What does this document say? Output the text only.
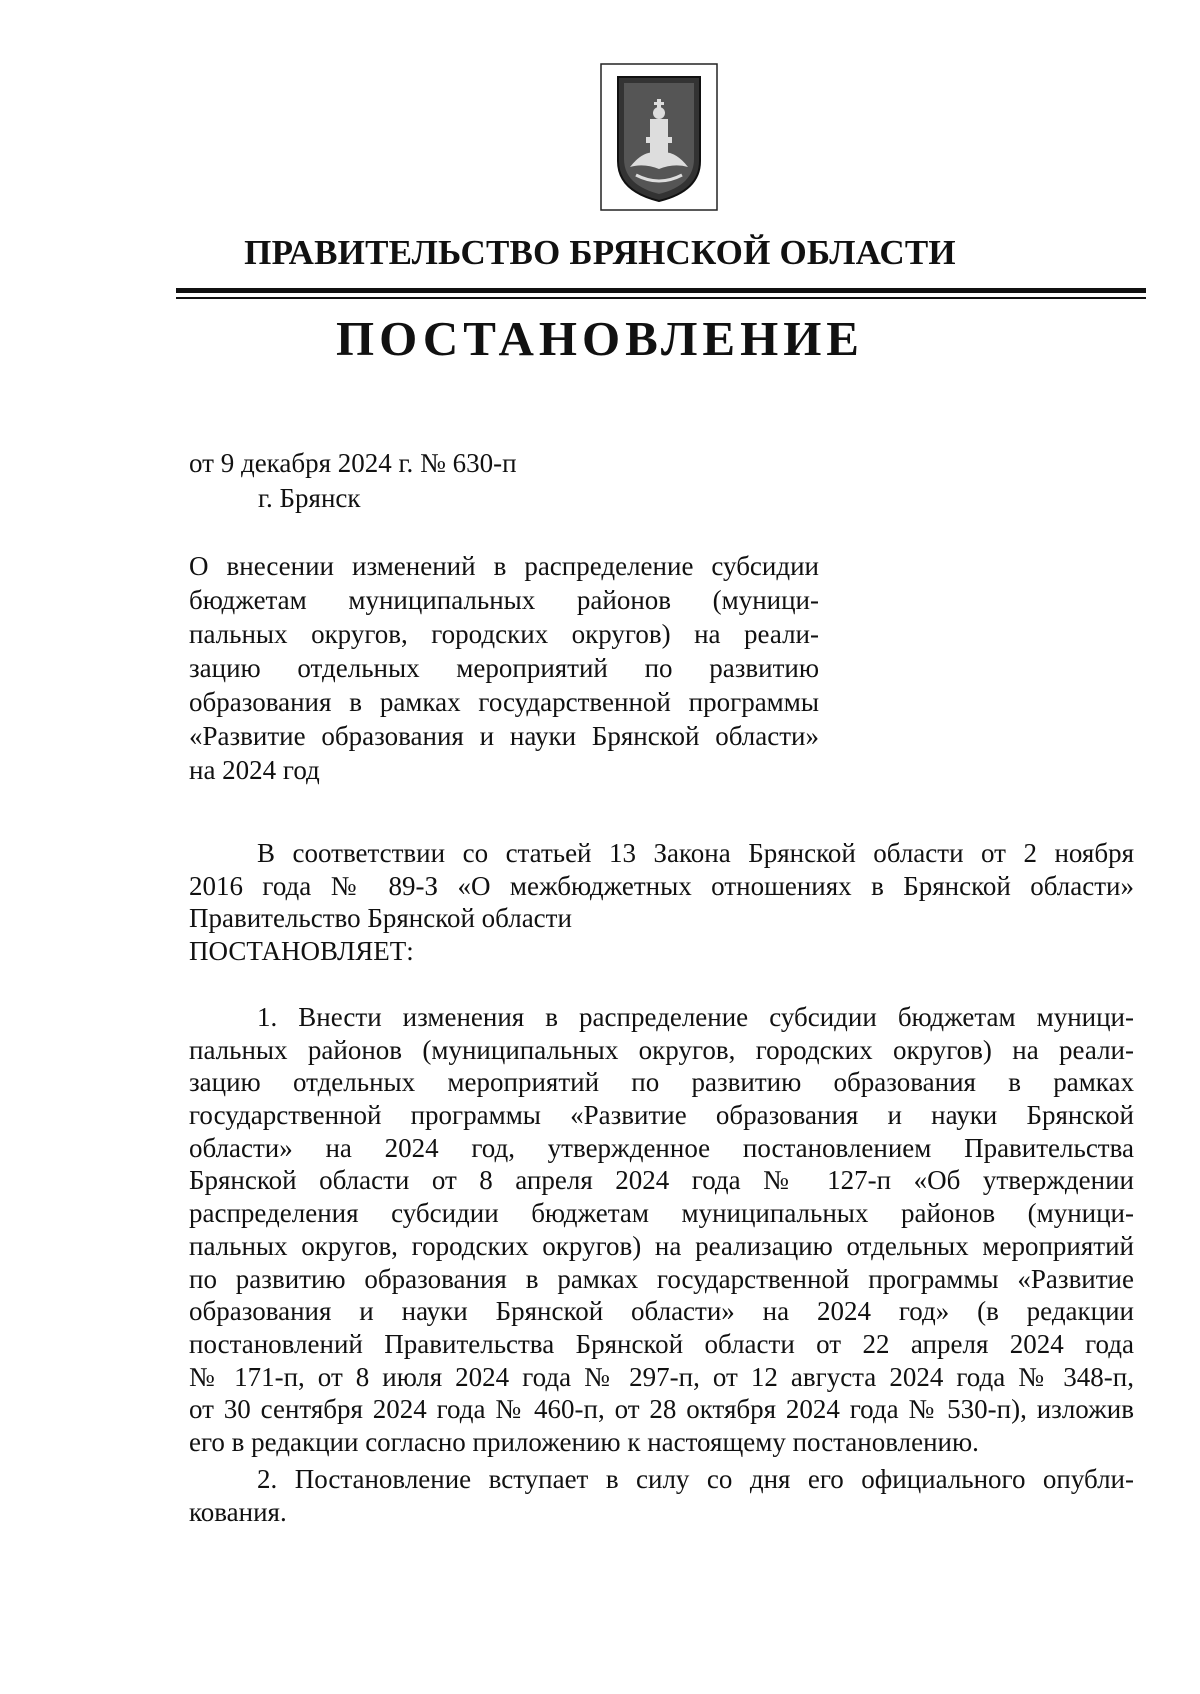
ПРАВИТЕЛЬСТВО БРЯНСКОЙ ОБЛАСТИ
ПОСТАНОВЛЕНИЕ
от 9 декабря 2024 г. № 630-п
г. Брянск
О внесении изменений в распределение субсидии
бюджетам муниципальных районов (муници-
пальных округов, городских округов) на реали-
зацию отдельных мероприятий по развитию
образования в рамках государственной программы
«Развитие образования и науки Брянской области»
на 2024 год
В соответствии со статьей 13 Закона Брянской области от 2 ноября
2016 года № 89-З «О межбюджетных отношениях в Брянской области»
Правительство Брянской области
ПОСТАНОВЛЯЕТ:
1. Внести изменения в распределение субсидии бюджетам муници-
пальных районов (муниципальных округов, городских округов) на реали-
зацию отдельных мероприятий по развитию образования в рамках
государственной программы «Развитие образования и науки Брянской
области» на 2024 год, утвержденное постановлением Правительства
Брянской области от 8 апреля 2024 года № 127-п «Об утверждении
распределения субсидии бюджетам муниципальных районов (муници-
пальных округов, городских округов) на реализацию отдельных мероприятий
по развитию образования в рамках государственной программы «Развитие
образования и науки Брянской области» на 2024 год» (в редакции
постановлений Правительства Брянской области от 22 апреля 2024 года
№ 171-п, от 8 июля 2024 года № 297-п, от 12 августа 2024 года № 348-п,
от 30 сентября 2024 года № 460-п, от 28 октября 2024 года № 530-п), изложив
его в редакции согласно приложению к настоящему постановлению.
2. Постановление вступает в силу со дня его официального опубли-
кования.
